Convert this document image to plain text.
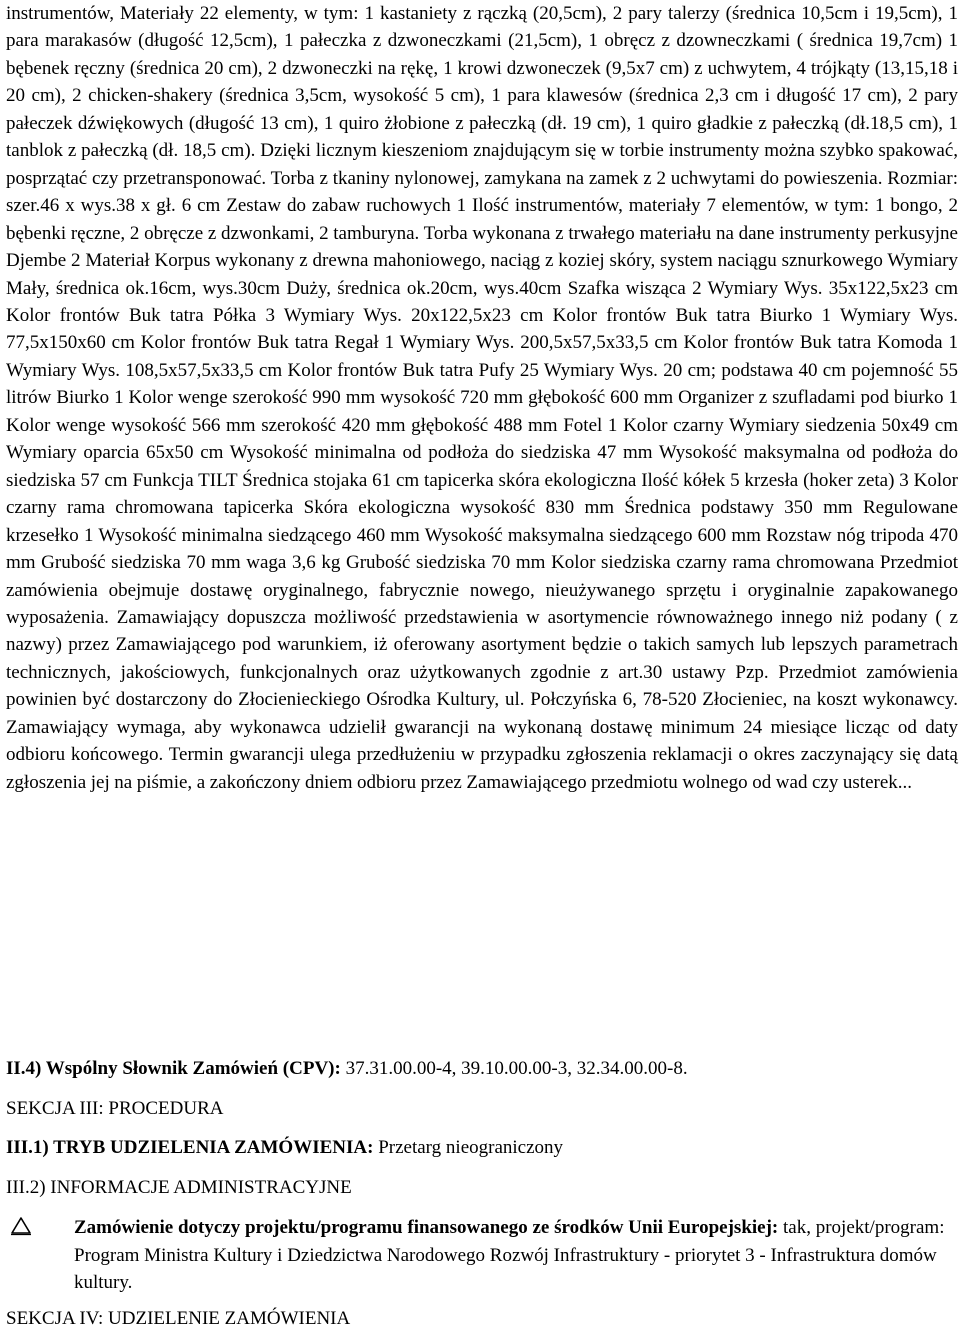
instrumentów, Materiały 22 elementy, w tym: 1 kastaniety z rączką (20,5cm), 2 pary talerzy (średnica 10,5cm i 19,5cm), 1 para marakasów (długość 12,5cm), 1 pałeczka z dzwoneczkami (21,5cm), 1 obręcz z dzowneczkami ( średnica 19,7cm) 1 bębenek ręczny (średnica 20 cm), 2 dzwoneczki na rękę, 1 krowi dzwoneczek (9,5x7 cm) z uchwytem, 4 trójkąty (13,15,18 i 20 cm), 2 chicken-shakery (średnica 3,5cm, wysokość 5 cm), 1 para klawesów (średnica 2,3 cm i długość 17 cm), 2 pary pałeczek dźwiękowych (długość 13 cm), 1 quiro żłobione z pałeczką (dł. 19 cm), 1 quiro gładkie z pałeczką (dł.18,5 cm), 1 tanblok z pałeczką (dł. 18,5 cm). Dzięki licznym kieszeniom znajdującym się w torbie instrumenty można szybko spakować, posprzątać czy przetransponować. Torba z tkaniny nylonowej, zamykana na zamek z 2 uchwytami do powieszenia. Rozmiar: szer.46 x wys.38 x gł. 6 cm Zestaw do zabaw ruchowych 1 Ilość instrumentów, materiały 7 elementów, w tym: 1 bongo, 2 bębenki ręczne, 2 obręcze z dzwonkami, 2 tamburyna. Torba wykonana z trwałego materiału na dane instrumenty perkusyjne Djembe 2 Materiał Korpus wykonany z drewna mahoniowego, naciąg z koziej skóry, system naciągu sznurkowego Wymiary Mały, średnica ok.16cm, wys.30cm Duży, średnica ok.20cm, wys.40cm Szafka wisząca 2 Wymiary Wys. 35x122,5x23 cm Kolor frontów Buk tatra Półka 3 Wymiary Wys. 20x122,5x23 cm Kolor frontów Buk tatra Biurko 1 Wymiary Wys. 77,5x150x60 cm Kolor frontów Buk tatra Regał 1 Wymiary Wys. 200,5x57,5x33,5 cm Kolor frontów Buk tatra Komoda 1 Wymiary Wys. 108,5x57,5x33,5 cm Kolor frontów Buk tatra Pufy 25 Wymiary Wys. 20 cm; podstawa 40 cm pojemność 55 litrów Biurko 1 Kolor wenge szerokość 990 mm wysokość 720 mm głębokość 600 mm Organizer z szufladami pod biurko 1 Kolor wenge wysokość 566 mm szerokość 420 mm głębokość 488 mm Fotel 1 Kolor czarny Wymiary siedzenia 50x49 cm Wymiary oparcia 65x50 cm Wysokość minimalna od podłoża do siedziska 47 mm Wysokość maksymalna od podłoża do siedziska 57 cm Funkcja TILT Średnica stojaka 61 cm tapicerka skóra ekologiczna Ilość kółek 5 krzesła (hoker zeta) 3 Kolor czarny rama chromowana tapicerka Skóra ekologiczna wysokość 830 mm Średnica podstawy 350 mm Regulowane krzesełko 1 Wysokość minimalna siedzącego 460 mm Wysokość maksymalna siedzącego 600 mm Rozstaw nóg tripoda 470 mm Grubość siedziska 70 mm waga 3,6 kg Grubość siedziska 70 mm Kolor siedziska czarny rama chromowana Przedmiot zamówienia obejmuje dostawę oryginalnego, fabrycznie nowego, nieużywanego sprzętu i oryginalnie zapakowanego wyposażenia. Zamawiający dopuszcza możliwość przedstawienia w asortymencie równoważnego innego niż podany ( z nazwy) przez Zamawiającego pod warunkiem, iż oferowany asortyment będzie o takich samych lub lepszych parametrach technicznych, jakościowych, funkcjonalnych oraz użytkowanych zgodnie z art.30 ustawy Pzp. Przedmiot zamówienia powinien być dostarczony do Złocienieckiego Ośrodka Kultury, ul. Połczyńska 6, 78-520 Złocieniec, na koszt wykonawcy. Zamawiający wymaga, aby wykonawca udzielił gwarancji na wykonaną dostawę minimum 24 miesiące licząc od daty odbioru końcowego. Termin gwarancji ulega przedłużeniu w przypadku zgłoszenia reklamacji o okres zaczynający się datą zgłoszenia jej na piśmie, a zakończony dniem odbioru przez Zamawiającego przedmiotu wolnego od wad czy usterek...

II.4) Wspólny Słownik Zamówień (CPV): 37.31.00.00-4, 39.10.00.00-3, 32.34.00.00-8.

SEKCJA III: PROCEDURA

III.1) TRYB UDZIELENIA ZAMÓWIENIA: Przetarg nieograniczony

III.2) INFORMACJE ADMINISTRACYJNE

Zamówienie dotyczy projektu/programu finansowanego ze środków Unii Europejskiej: tak, projekt/program: Program Ministra Kultury i Dziedzictwa Narodowego Rozwój Infrastruktury - priorytet 3 - Infrastruktura domów kultury.

SEKCJA IV: UDZIELENIE ZAMÓWIENIA
